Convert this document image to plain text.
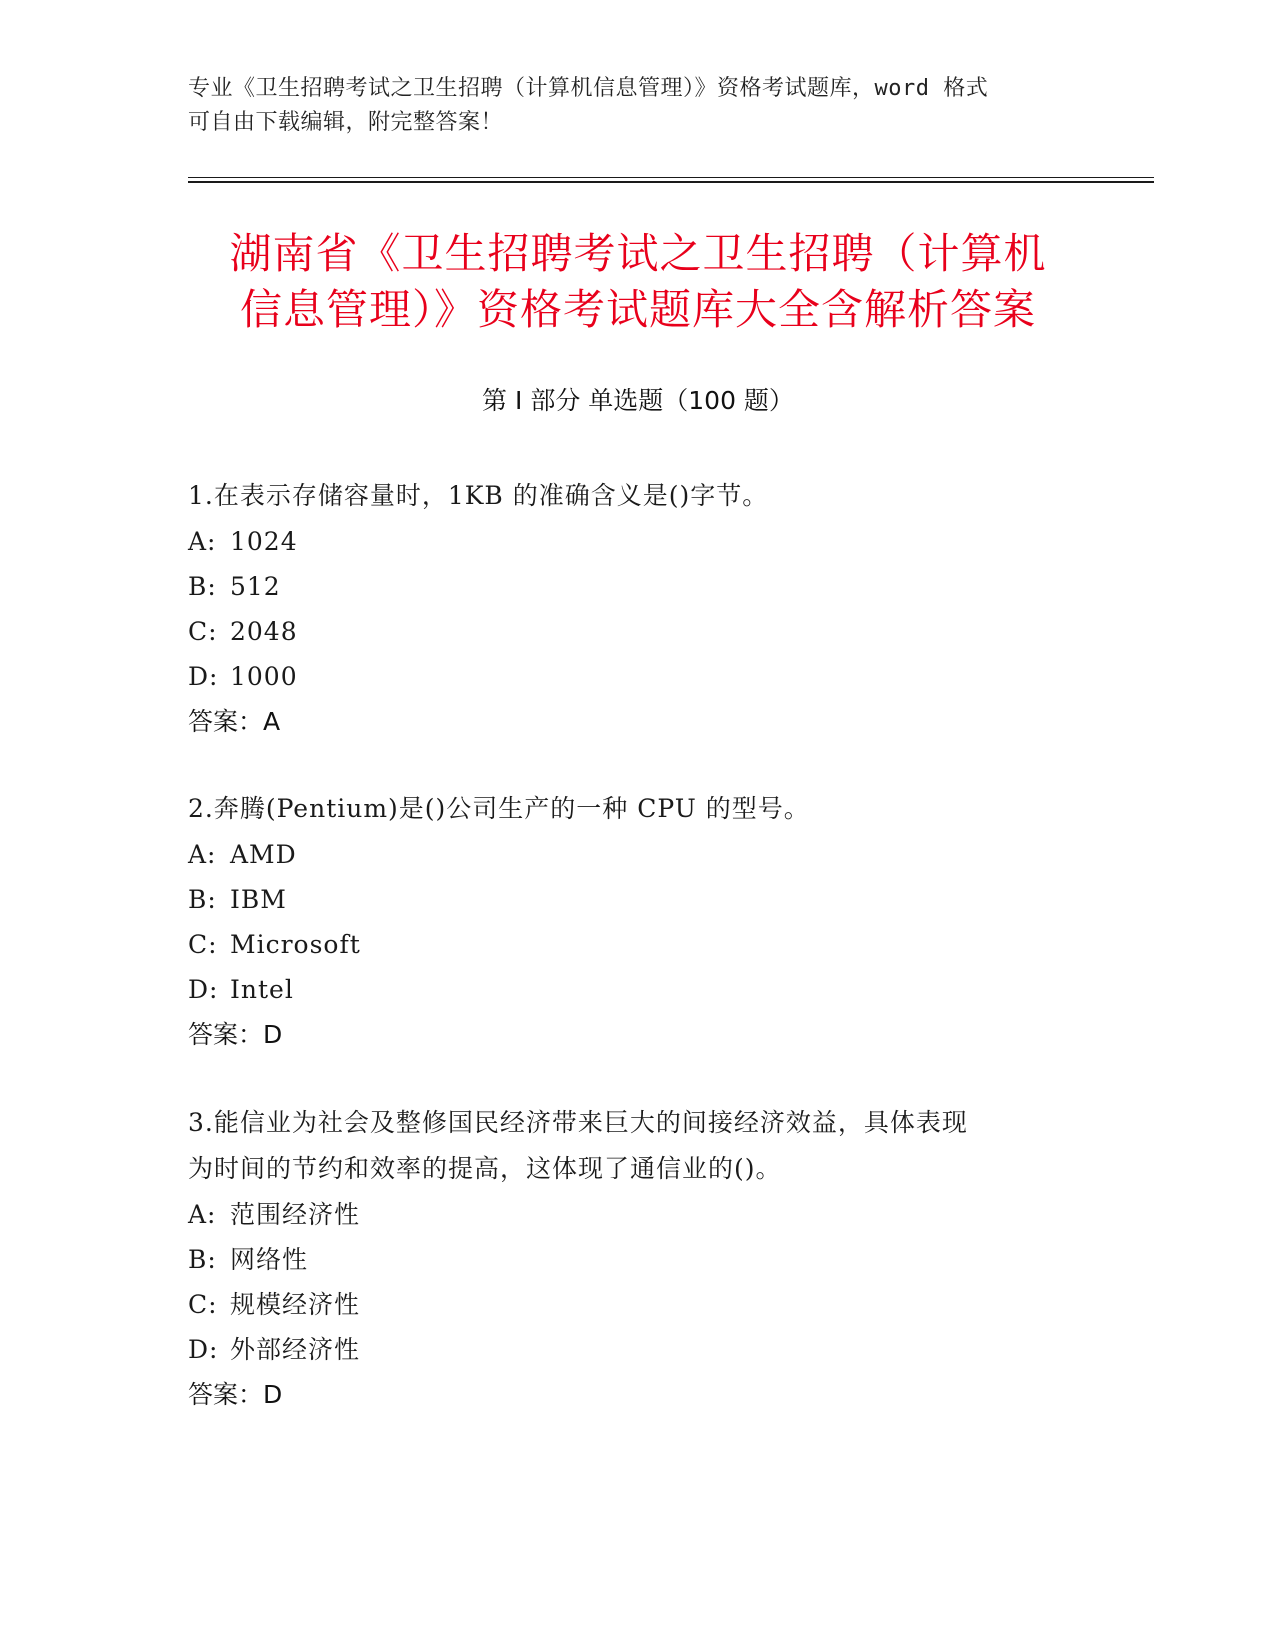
专业《卫生招聘考试之卫生招聘（计算机信息管理）》资格考试题库，word 格式
可自由下载编辑，附完整答案！
湖南省《卫生招聘考试之卫生招聘（计算机
信息管理）》资格考试题库大全含解析答案
第 I 部分 单选题（100 题）

1.在表示存储容量时，1KB 的准确含义是()字节。

A: 1024

B: 512

C: 2048

D: 1000

答案：A

2.奔腾(Pentium)是()公司生产的一种 CPU 的型号。

A: AMD

B: IBM

C: Microsoft

D: Intel

答案：D

3.能信业为社会及整修国民经济带来巨大的间接经济效益，具体表现

为时间的节约和效率的提高，这体现了通信业的()。

A: 范围经济性

B: 网络性

C: 规模经济性

D: 外部经济性

答案：D
